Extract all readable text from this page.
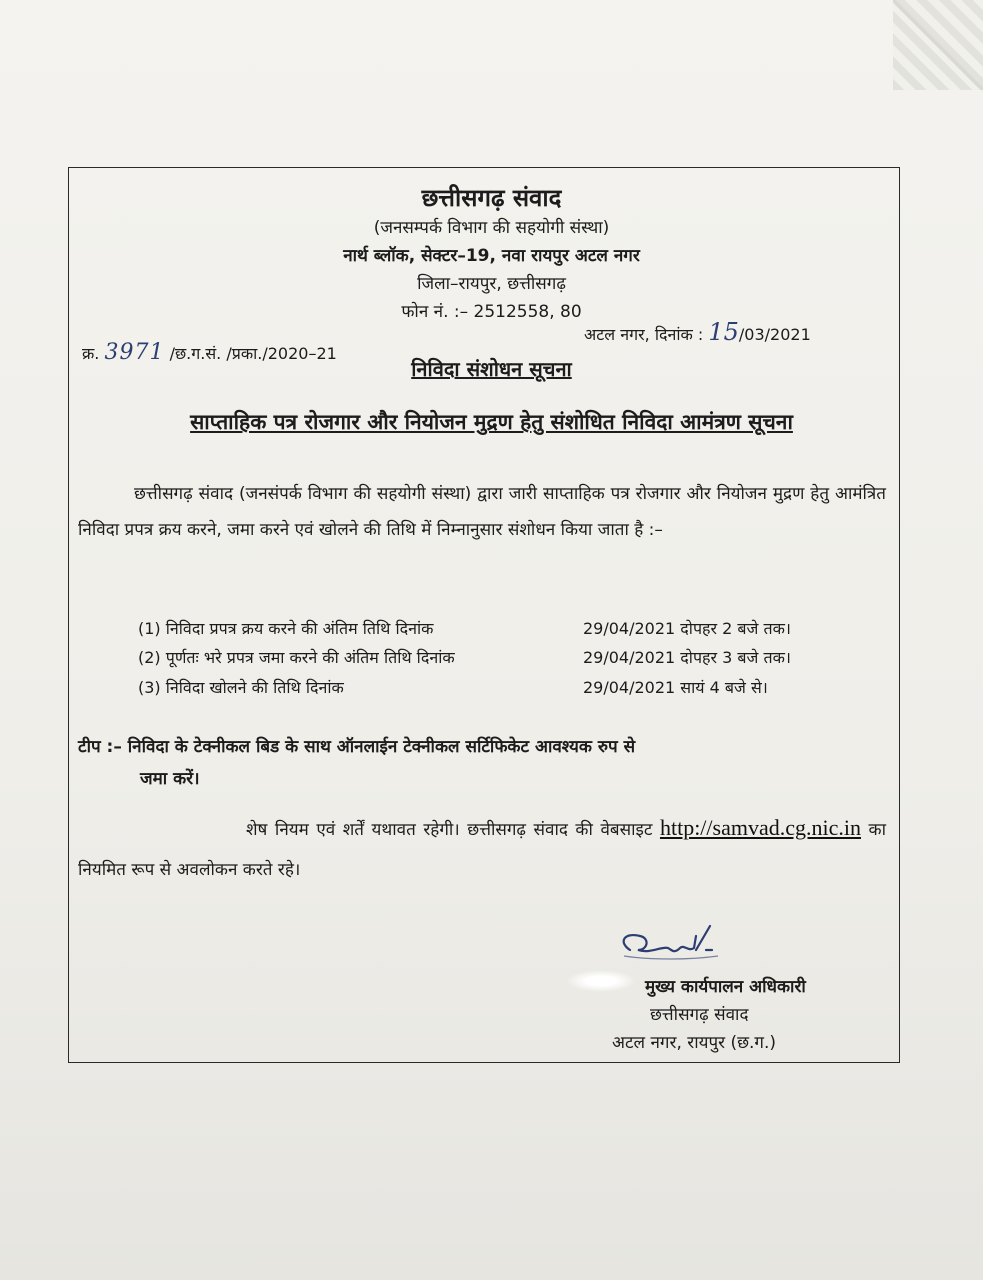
छत्तीसगढ़ संवाद
(जनसम्पर्क विभाग की सहयोगी संस्था)
नार्थ ब्लॉक, सेक्टर–19, नवा रायपुर अटल नगर
जिला–रायपुर, छत्तीसगढ़
फोन नं. :– 2512558, 80
क्र. 3971 /छ.ग.सं. /प्रका./2020–21
अटल नगर, दिनांक : 15/03/2021
निविदा संशोधन सूचना
साप्ताहिक पत्र रोजगार और नियोजन मुद्रण हेतु संशोधित निविदा आमंत्रण सूचना
छत्तीसगढ़ संवाद (जनसंपर्क विभाग की सहयोगी संस्था) द्वारा जारी साप्ताहिक पत्र रोजगार और नियोजन मुद्रण हेतु आमंत्रित निविदा प्रपत्र क्रय करने, जमा करने एवं खोलने की तिथि में निम्नानुसार संशोधन किया जाता है :–
(1) निविदा प्रपत्र क्रय करने की अंतिम तिथि दिनांक	29/04/2021 दोपहर 2 बजे तक।
(2) पूर्णतः भरे प्रपत्र जमा करने की अंतिम तिथि दिनांक	29/04/2021 दोपहर 3 बजे तक।
(3) निविदा खोलने की तिथि दिनांक	29/04/2021 सायं 4 बजे से।
टीप :– निविदा के टेक्नीकल बिड के साथ ऑनलाईन टेक्नीकल सर्टिफिकेट आवश्यक रुप से
जमा करें।
शेष नियम एवं शर्तें यथावत रहेगी। छत्तीसगढ़ संवाद की वेबसाइट http://samvad.cg.nic.in का नियमित रूप से अवलोकन करते रहे।
मुख्य कार्यपालन अधिकारी
छत्तीसगढ़ संवाद
अटल नगर, रायपुर (छ.ग.)
